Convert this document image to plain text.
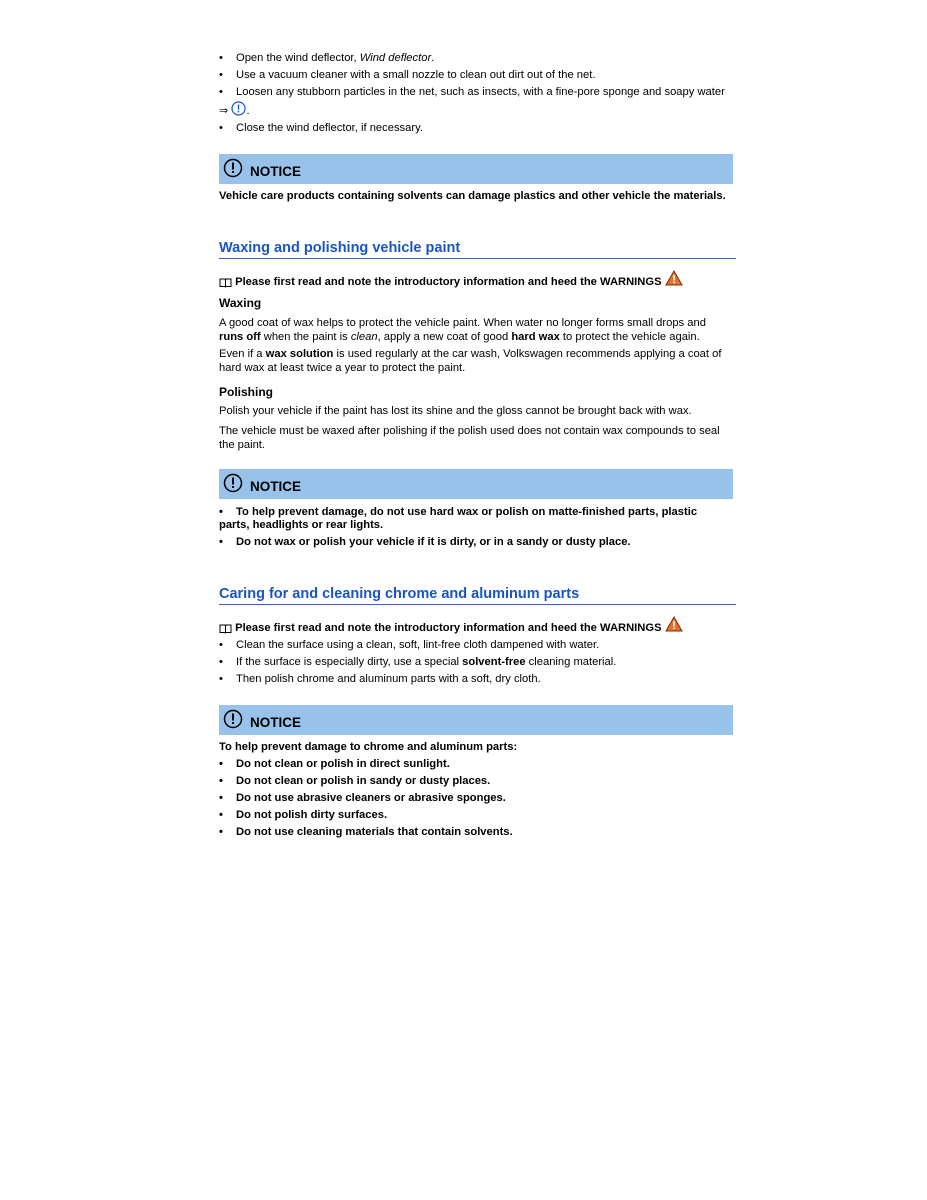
•	Open the wind deflector, Wind deflector.
•	Use a vacuum cleaner with a small nozzle to clean out dirt out of the net.
•	Loosen any stubborn particles in the net, such as insects, with a fine-pore sponge and soapy water
⇒ .
•	Close the wind deflector, if necessary.
NOTICE
Vehicle care products containing solvents can damage plastics and other vehicle the materials.
Waxing and polishing vehicle paint
Please first read and note the introductory information and heed the WARNINGS
Waxing
A good coat of wax helps to protect the vehicle paint. When water no longer forms small drops and
runs off when the paint is clean, apply a new coat of good hard wax to protect the vehicle again.
Even if a wax solution is used regularly at the car wash, Volkswagen recommends applying a coat of
hard wax at least twice a year to protect the paint.
Polishing
Polish your vehicle if the paint has lost its shine and the gloss cannot be brought back with wax.
The vehicle must be waxed after polishing if the polish used does not contain wax compounds to seal
the paint.
NOTICE
•	To help prevent damage, do not use hard wax or polish on matte-finished parts, plastic
parts, headlights or rear lights.
•	Do not wax or polish your vehicle if it is dirty, or in a sandy or dusty place.
Caring for and cleaning chrome and aluminum parts
Please first read and note the introductory information and heed the WARNINGS
•	Clean the surface using a clean, soft, lint-free cloth dampened with water.
•	If the surface is especially dirty, use a special solvent-free cleaning material.
•	Then polish chrome and aluminum parts with a soft, dry cloth.
NOTICE
To help prevent damage to chrome and aluminum parts:
•	Do not clean or polish in direct sunlight.
•	Do not clean or polish in sandy or dusty places.
•	Do not use abrasive cleaners or abrasive sponges.
•	Do not polish dirty surfaces.
•	Do not use cleaning materials that contain solvents.
